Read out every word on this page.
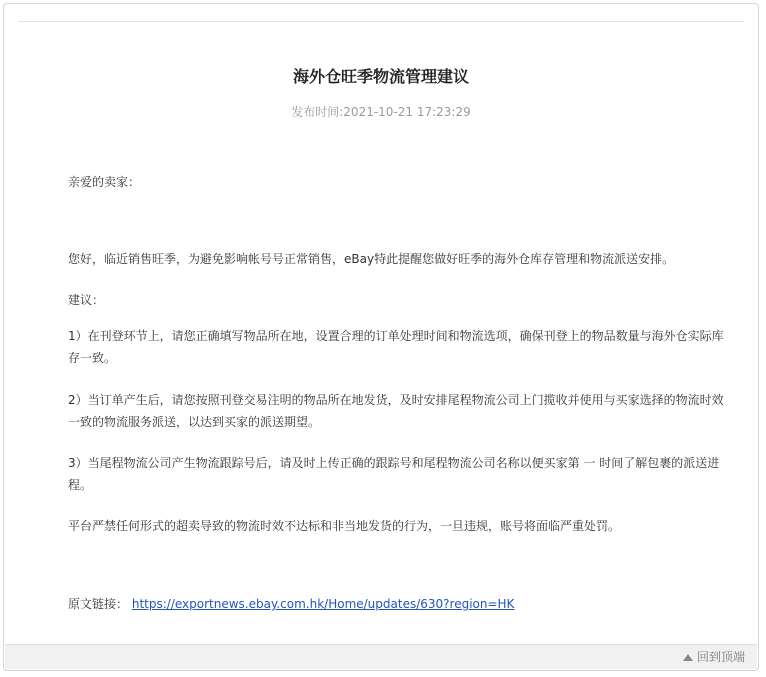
海外仓旺季物流管理建议
发布时间:2021-10-21 17:23:29

亲爱的卖家：

您好，临近销售旺季，为避免影响帐号号正常销售，eBay特此提醒您做好旺季的海外仓库存管理和物流派送安排。

建议：

1）在刊登环节上，请您正确填写物品所在地，设置合理的订单处理时间和物流选项，确保刊登上的物品数量与海外仓实际库存一致。

2）当订单产生后，请您按照刊登交易注明的物品所在地发货，及时安排尾程物流公司上门揽收并使用与买家选择的物流时效一致的物流服务派送，以达到买家的派送期望。

3）当尾程物流公司产生物流跟踪号后，请及时上传正确的跟踪号和尾程物流公司名称以便买家第 一 时间了解包裹的派送进程。

平台严禁任何形式的超卖导致的物流时效不达标和非当地发货的行为，一旦违规，账号将面临严重处罚。

原文链接： https://exportnews.ebay.com.hk/Home/updates/630?region=HK

回到顶端
